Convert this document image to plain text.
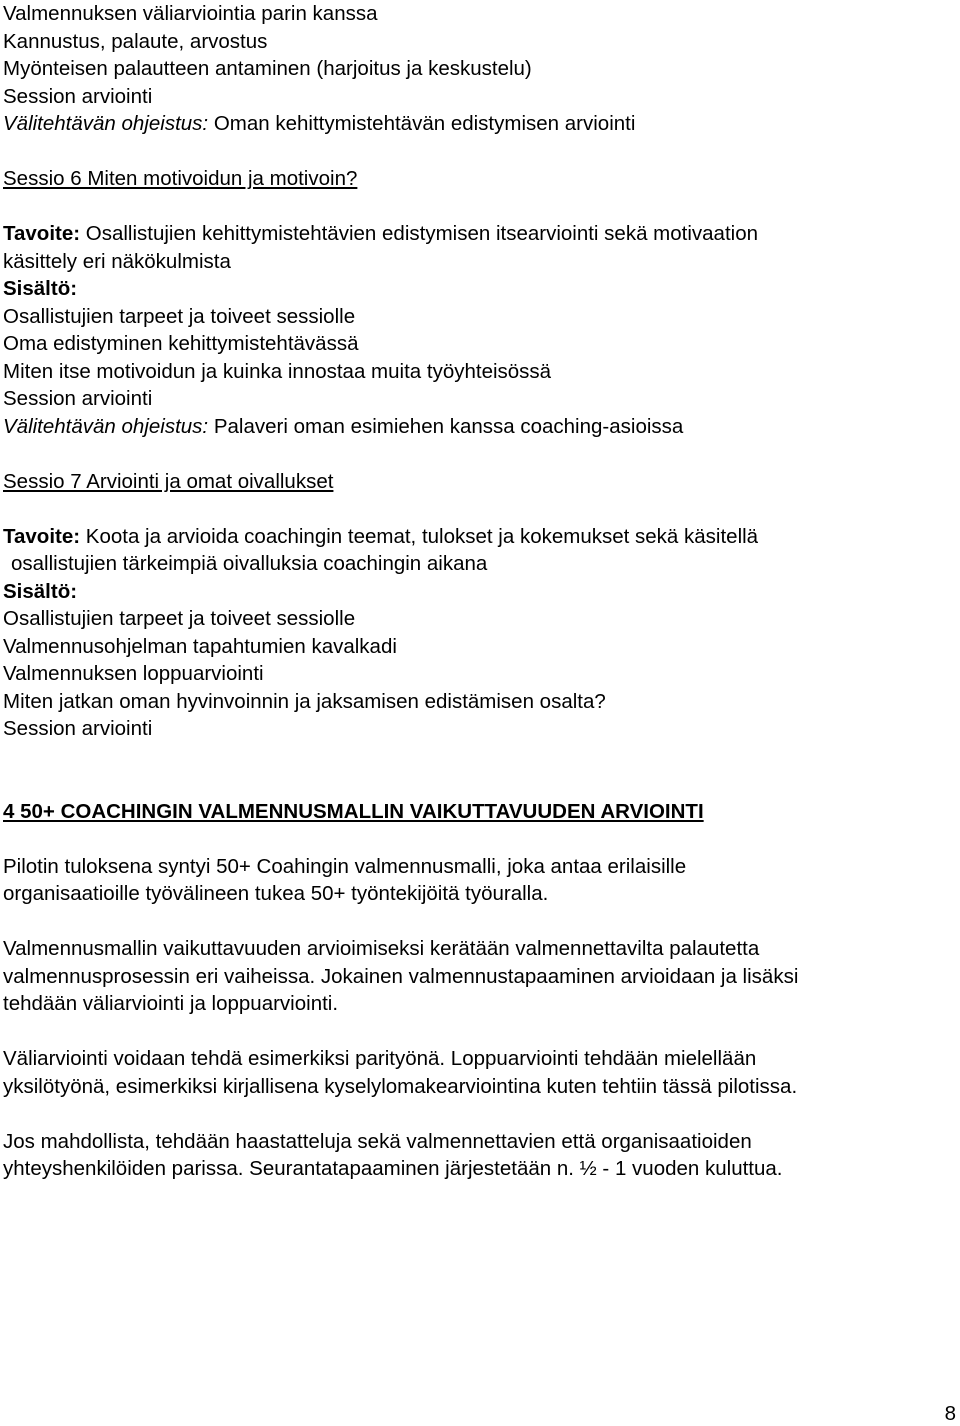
Valmennuksen väliarviointia parin kanssa
Kannustus, palaute, arvostus
Myönteisen palautteen antaminen (harjoitus ja keskustelu)
Session arviointi
Välitehtävän ohjeistus: Oman kehittymistehtävän edistymisen arviointi
Sessio 6 Miten motivoidun ja motivoin?
Tavoite: Osallistujien kehittymistehtävien edistymisen itsearviointi sekä motivaation
käsittely eri näkökulmista
Sisältö:
Osallistujien tarpeet ja toiveet sessiolle
Oma edistyminen kehittymistehtävässä
Miten itse motivoidun ja kuinka innostaa muita työyhteisössä
Session arviointi
Välitehtävän ohjeistus: Palaveri oman esimiehen kanssa coaching-asioissa
Sessio 7 Arviointi ja omat oivallukset
Tavoite: Koota ja arvioida coachingin teemat, tulokset ja kokemukset sekä käsitellä
osallistujien tärkeimpiä oivalluksia coachingin aikana
Sisältö:
Osallistujien tarpeet ja toiveet sessiolle
Valmennusohjelman tapahtumien kavalkadi
Valmennuksen loppuarviointi
Miten jatkan oman hyvinvoinnin ja jaksamisen edistämisen osalta?
Session arviointi
4 50+ COACHINGIN VALMENNUSMALLIN VAIKUTTAVUUDEN ARVIOINTI
Pilotin tuloksena syntyi 50+ Coahingin valmennusmalli, joka antaa erilaisille
organisaatioille työvälineen tukea 50+ työntekijöitä työuralla.
Valmennusmallin vaikuttavuuden arvioimiseksi kerätään valmennettavilta palautetta
valmennusprosessin eri vaiheissa. Jokainen valmennustapaaminen arvioidaan ja lisäksi
tehdään väliarviointi ja loppuarviointi.
Väliarviointi voidaan tehdä esimerkiksi parityönä. Loppuarviointi tehdään mielellään
yksilötyönä, esimerkiksi kirjallisena kyselylomakearviointina kuten tehtiin tässä pilotissa.
Jos mahdollista, tehdään haastatteluja sekä valmennettavien että organisaatioiden
yhteyshenkilöiden parissa. Seurantatapaaminen järjestetään n. ½ - 1 vuoden kuluttua.
8
